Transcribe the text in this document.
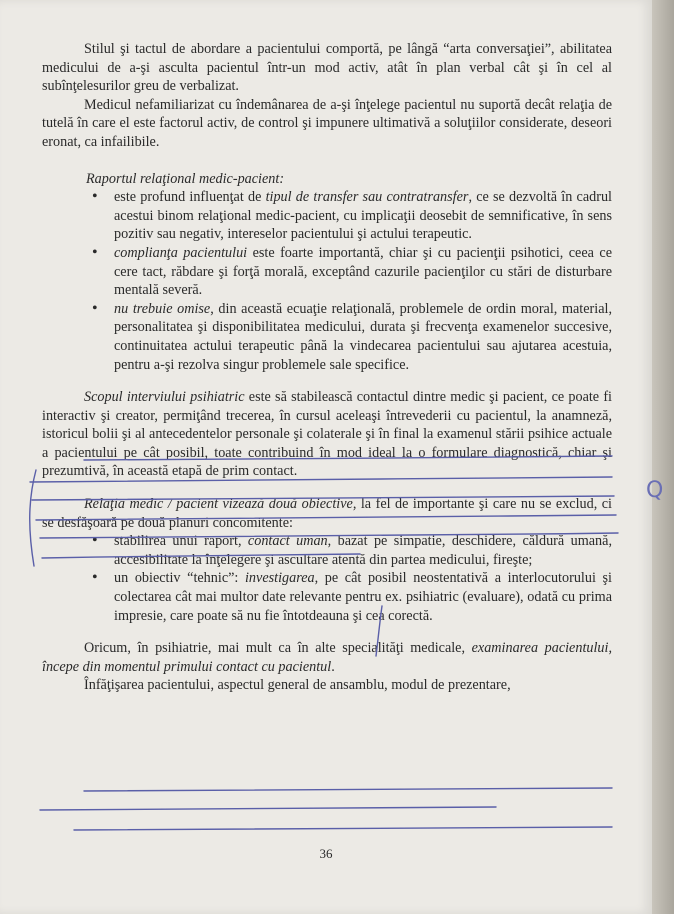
Stilul şi tactul de abordare a pacientului comportă, pe lângă “arta conversaţiei”, abilitatea medicului de a-şi asculta pacientul într-un mod activ, atât în plan verbal cât şi în cel al subînţelesurilor greu de verbalizat.

Medicul nefamiliarizat cu îndemânarea de a-şi înţelege pacientul nu suportă decât relaţia de tutelă în care el este factorul activ, de control şi impunere ultimativă a soluţiilor considerate, deseori eronat, ca infailibile.

Raportul relaţional medic-pacient:

• este profund influenţat de tipul de transfer sau contratransfer, ce se dezvoltă în cadrul acestui binom relaţional medic-pacient, cu implicaţii deosebit de semnificative, în sens pozitiv sau negativ, intereselor pacientului şi actului terapeutic.
• complianţa pacientului este foarte importantă, chiar şi cu pacienţii psihotici, ceea ce cere tact, răbdare şi forţă morală, exceptând cazurile pacienţilor cu stări de disturbare mentală severă.
• nu trebuie omise, din această ecuaţie relaţională, problemele de ordin moral, material, personalitatea şi disponibilitatea medicului, durata şi frecvenţa examenelor succesive, continuitatea actului terapeutic până la vindecarea pacientului sau ajutarea acestuia, pentru a-şi rezolva singur problemele sale specifice.

Scopul interviului psihiatric este să stabilească contactul dintre medic şi pacient, ce poate fi interactiv şi creator, permiţând trecerea, în cursul aceleaşi întrevederii cu pacientul, la anamneză, istoricul bolii şi al antecedentelor personale şi colaterale şi în final la examenul stării psihice actuale a pacientului pe cât posibil, toate contribuind în mod ideal la o formulare diagnostică, chiar şi prezumtivă, în această etapă de prim contact.

Relaţia medic / pacient vizează două obiective, la fel de importante şi care nu se exclud, ci se desfăşoară pe două planuri concomitente:

• stabilirea unui raport, contact uman, bazat pe simpatie, deschidere, căldură umană, accesibilitate la înţelegere şi ascultare atentă din partea medicului, fireşte;
• un obiectiv “tehnic”: investigarea, pe cât posibil neostentativă a interlocutorului şi colectarea cât mai multor date relevante pentru ex. psihiatric (evaluare), odată cu prima impresie, care poate să nu fie întotdeauna şi cea corectă.

Oricum, în psihiatrie, mai mult ca în alte specialităţi medicale, examinarea pacientului, începe din momentul primului contact cu pacientul.

Înfăţişarea pacientului, aspectul general de ansamblu, modul de prezentare,

36
Q
